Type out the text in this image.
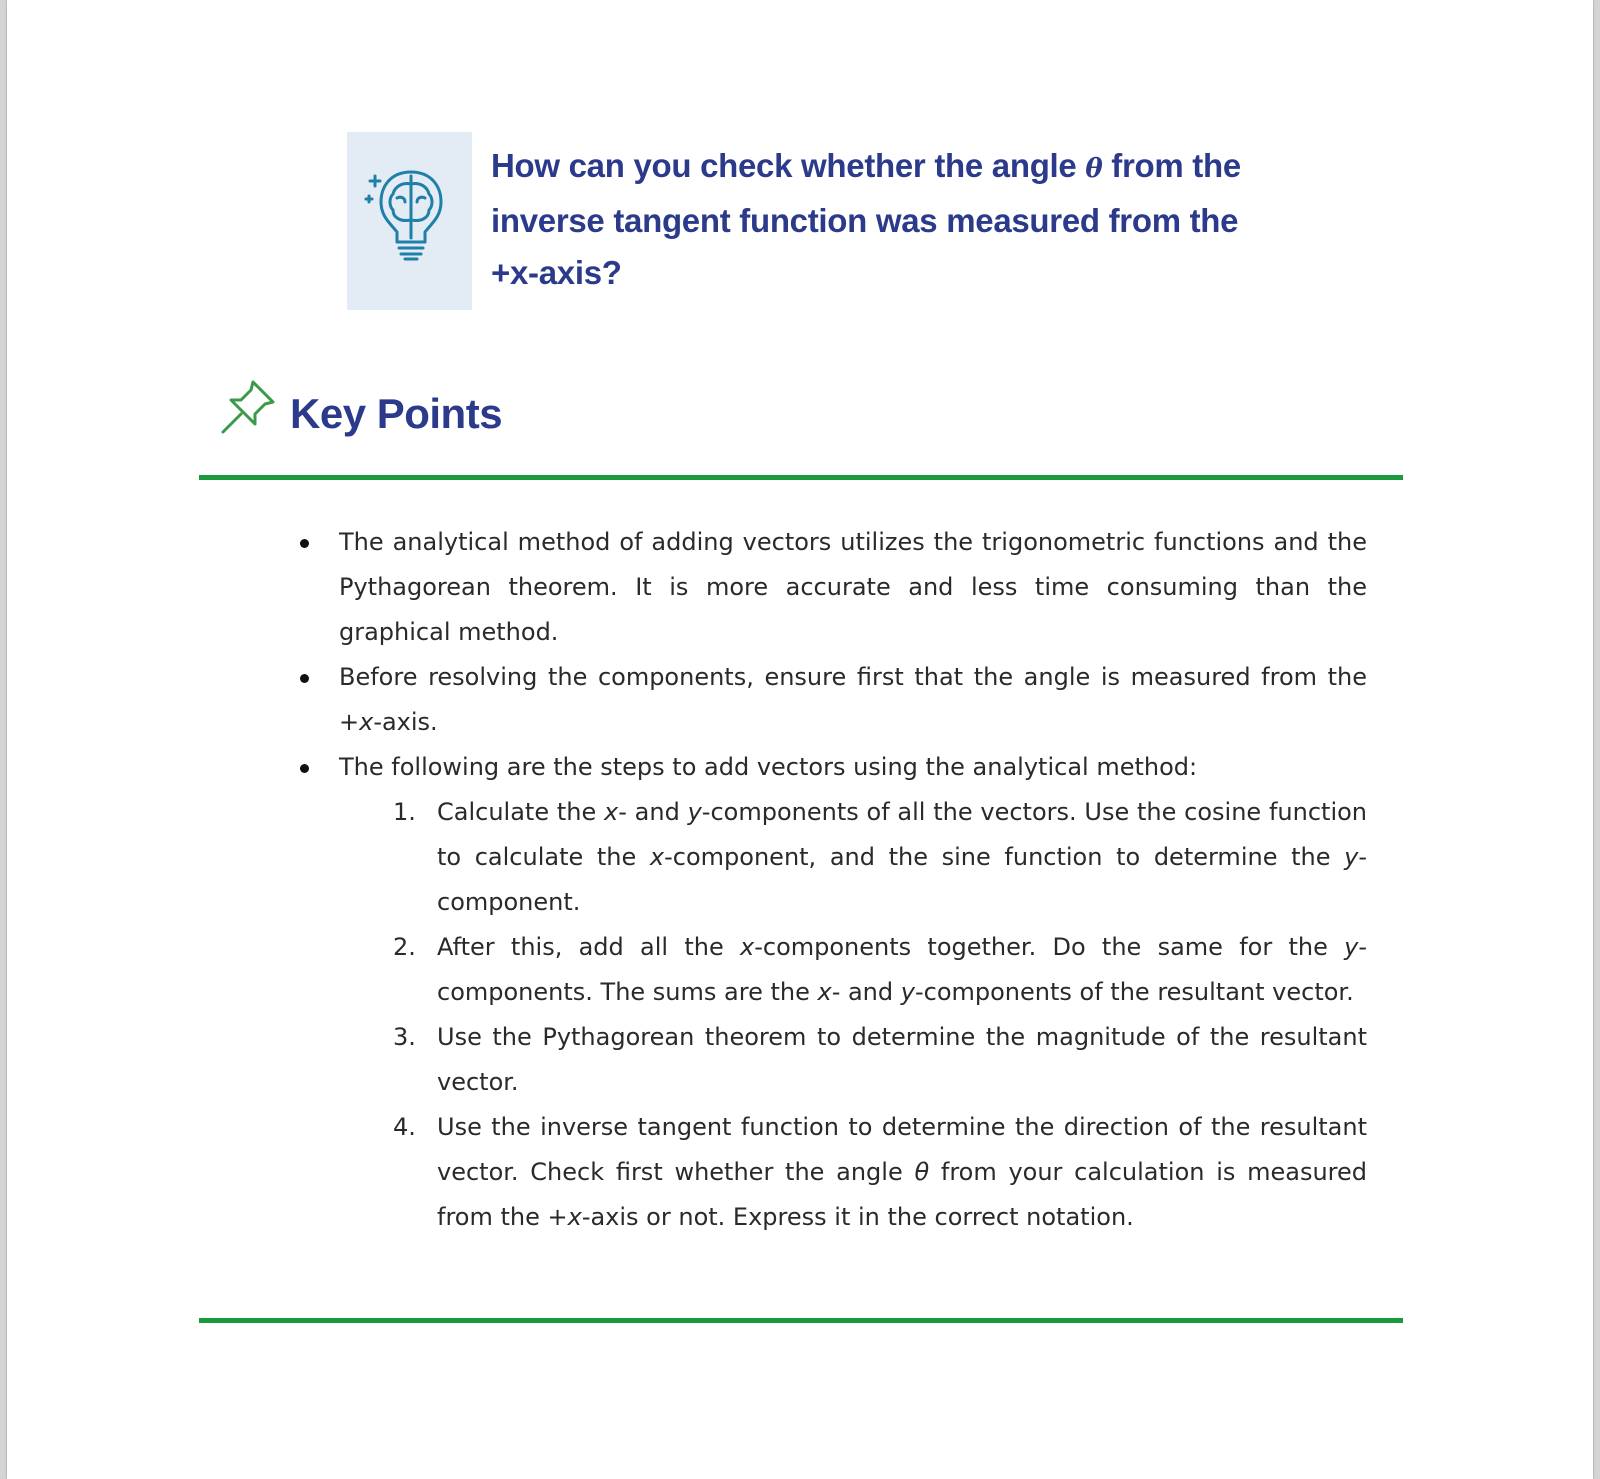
How can you check whether the angle θ from the inverse tangent function was measured from the +x-axis?
Key Points
The analytical method of adding vectors utilizes the trigonometric functions and the Pythagorean theorem. It is more accurate and less time consuming than the graphical method.
Before resolving the components, ensure first that the angle is measured from the +x-axis.
The following are the steps to add vectors using the analytical method:
1. Calculate the x- and y-components of all the vectors. Use the cosine function to calculate the x-component, and the sine function to determine the y-component.
2. After this, add all the x-components together. Do the same for the y-components. The sums are the x- and y-components of the resultant vector.
3. Use the Pythagorean theorem to determine the magnitude of the resultant vector.
4. Use the inverse tangent function to determine the direction of the resultant vector. Check first whether the angle θ from your calculation is measured from the +x-axis or not. Express it in the correct notation.
